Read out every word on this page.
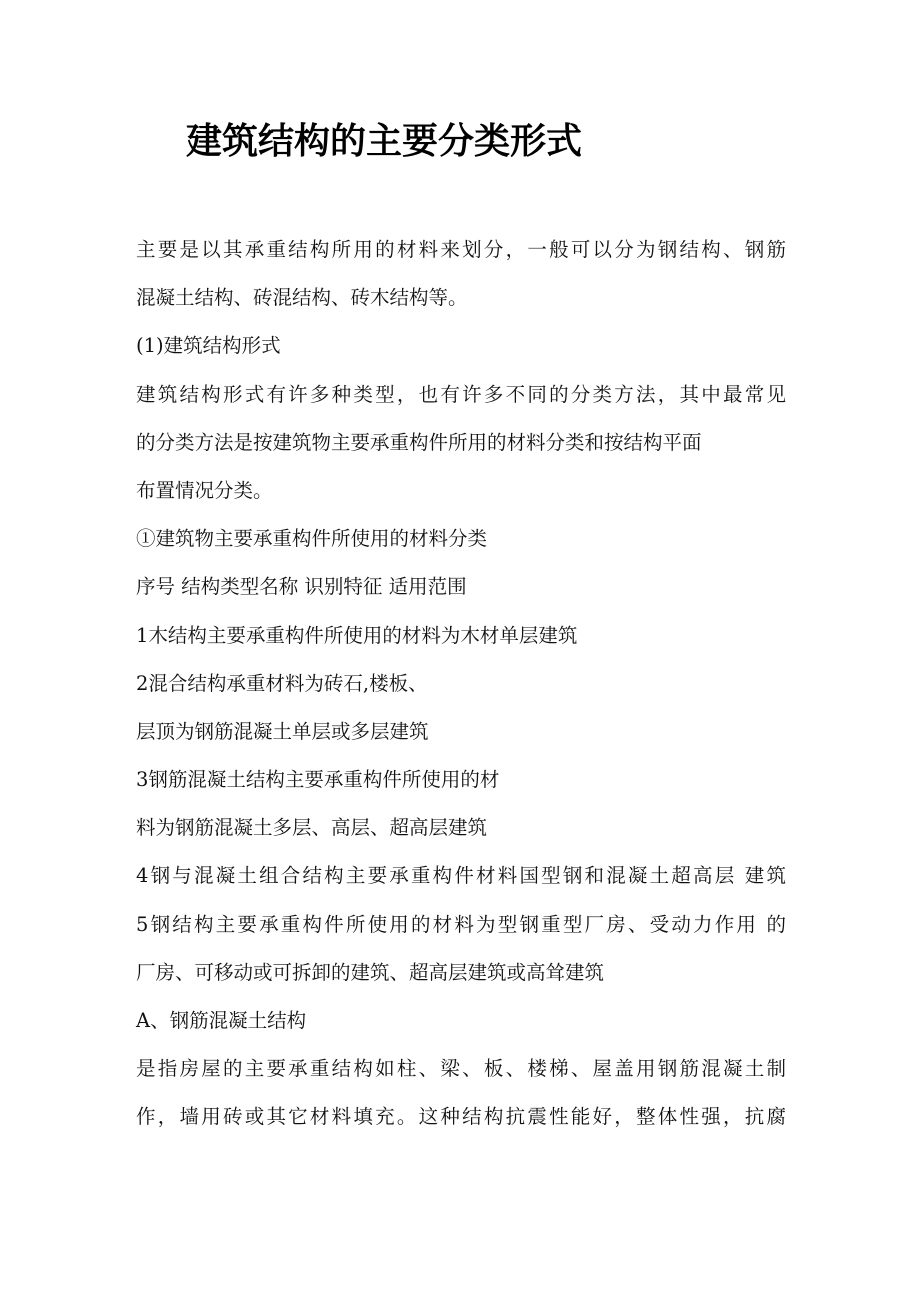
建筑结构的主要分类形式
主要是以其承重结构所用的材料来划分，一般可以分为钢结构、钢筋
混凝土结构、砖混结构、砖木结构等。
(1)建筑结构形式
建筑结构形式有许多种类型，也有许多不同的分类方法，其中最常见
的分类方法是按建筑物主要承重构件所用的材料分类和按结构平面
布置情况分类。
①建筑物主要承重构件所使用的材料分类
序号 结构类型名称 识别特征 适用范围
1木结构主要承重构件所使用的材料为木材单层建筑
2混合结构承重材料为砖石,楼板、
层顶为钢筋混凝土单层或多层建筑
3钢筋混凝土结构主要承重构件所使用的材
料为钢筋混凝土多层、高层、超高层建筑
4钢与混凝土组合结构主要承重构件材料国型钢和混凝土超高层 建筑
5钢结构主要承重构件所使用的材料为型钢重型厂房、受动力作用 的
厂房、可移动或可拆卸的建筑、超高层建筑或高耸建筑
A、钢筋混凝土结构
是指房屋的主要承重结构如柱、梁、板、楼梯、屋盖用钢筋混凝土制
作，墙用砖或其它材料填充。这种结构抗震性能好，整体性强，抗腐
